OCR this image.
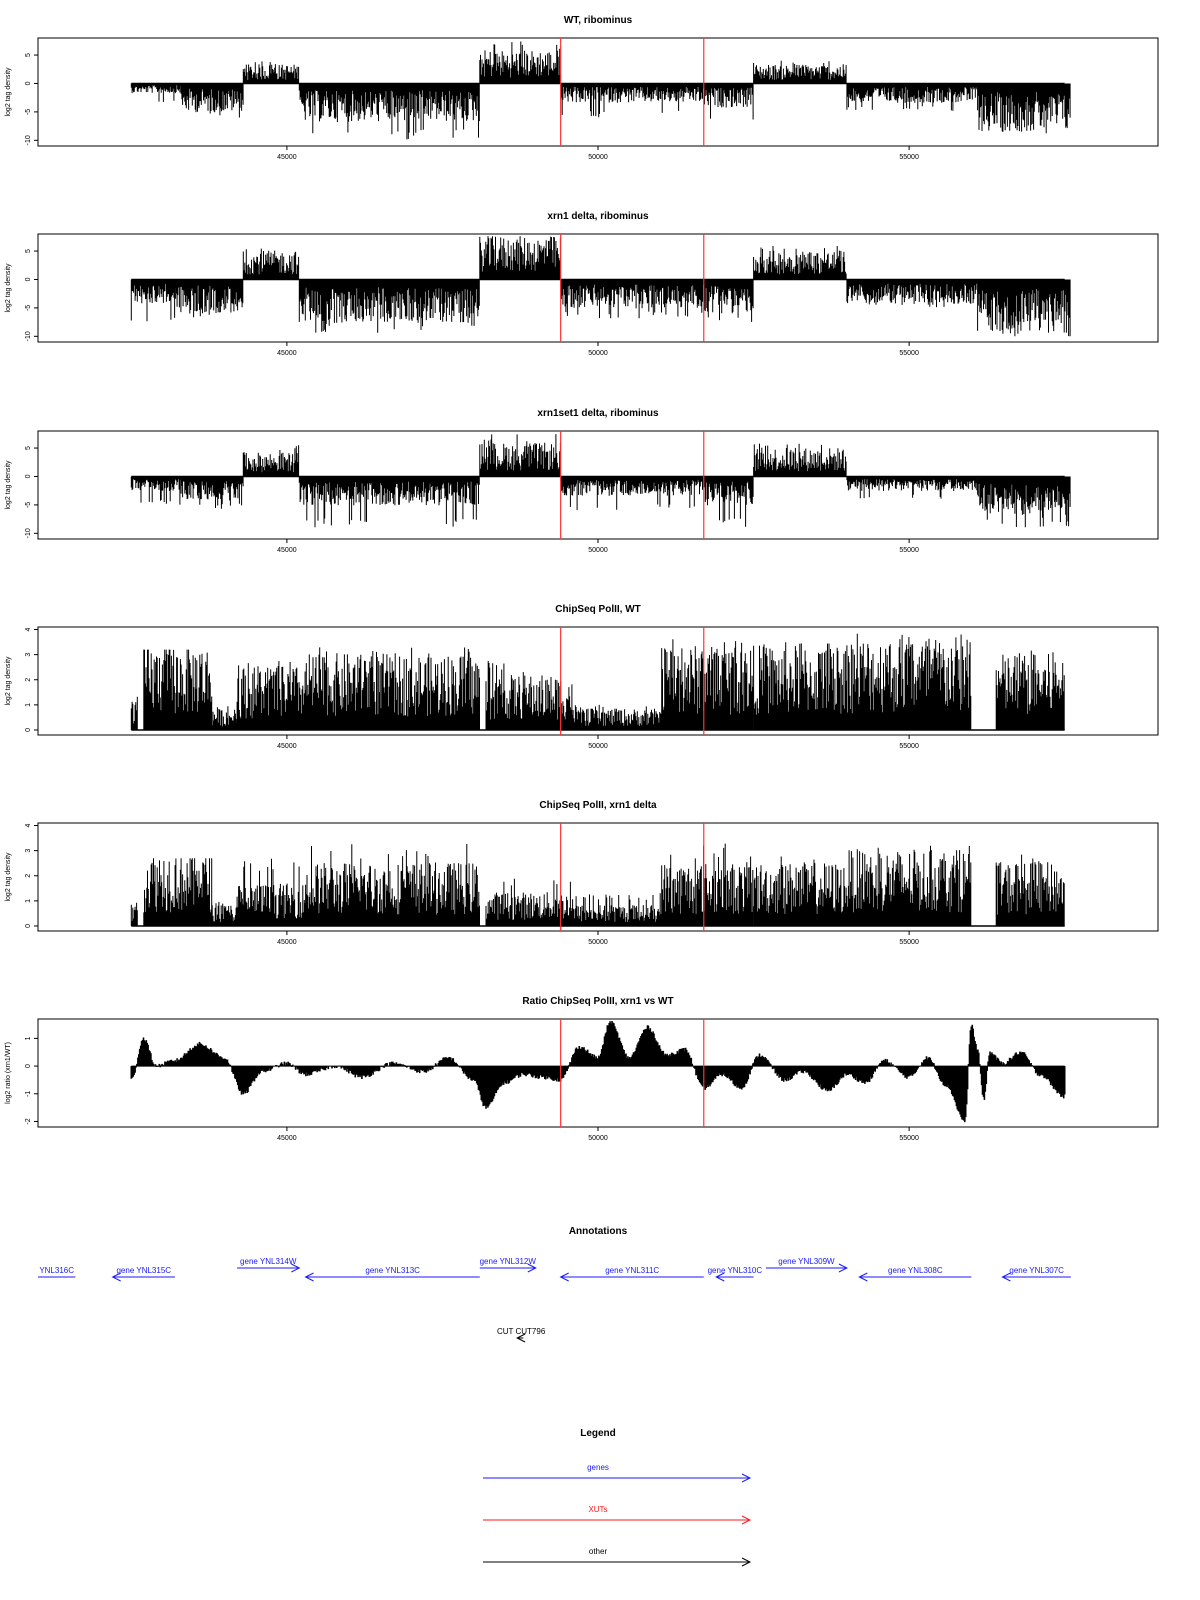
WT, ribominus
log2 tag density
-10
-5
0
5
45000	50000	55000
xrn1 delta, ribominus
log2 tag density
-10
-5
0
5
45000	50000	55000
xrn1set1 delta, ribominus
log2 tag density
-10
-5
0
5
45000	50000	55000
ChipSeq PolII, WT
log2 tag density
0
1
2
3
4
45000	50000	55000
ChipSeq PolII, xrn1 delta
log2 tag density
0
1
2
3
4
45000	50000	55000
Ratio ChipSeq PolII, xrn1 vs WT
log2 ratio (xrn1/WT)
-2
-1
0
1
45000	50000	55000
Annotations
YNL316C	gene YNL315C
gene YNL314W
gene YNL313C
gene YNL312W
gene YNL311C	gene YNL310C
gene YNL309W
gene YNL308C	gene YNL307C
CUT CUT796
Legend
genes
XUTs
other
